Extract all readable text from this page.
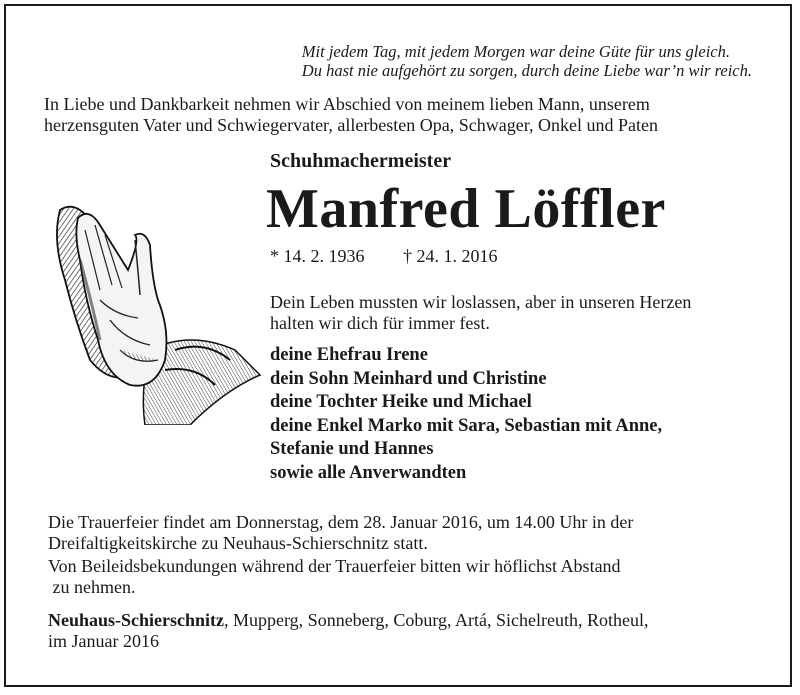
Mit jedem Tag, mit jedem Morgen war deine Güte für uns gleich.
Du hast nie aufgehört zu sorgen, durch deine Liebe war’n wir reich.
In Liebe und Dankbarkeit nehmen wir Abschied von meinem lieben Mann, unserem
herzensguten Vater und Schwiegervater, allerbesten Opa, Schwager, Onkel und Paten
Schuhmachermeister
Manfred Löffler
* 14. 2. 1936 † 24. 1. 2016
Dein Leben mussten wir loslassen, aber in unseren Herzen
halten wir dich für immer fest.
deine Ehefrau Irene
dein Sohn Meinhard und Christine
deine Tochter Heike und Michael
deine Enkel Marko mit Sara, Sebastian mit Anne,
Stefanie und Hannes
sowie alle Anverwandten
Die Trauerfeier findet am Donnerstag, dem 28. Januar 2016, um 14.00 Uhr in der
Dreifaltigkeitskirche zu Neuhaus-Schierschnitz statt.
Von Beileidsbekundungen während der Trauerfeier bitten wir höflichst Abstand
zu nehmen.
Neuhaus-Schierschnitz, Mupperg, Sonneberg, Coburg, Artá, Sichelreuth, Rotheul,
im Januar 2016
